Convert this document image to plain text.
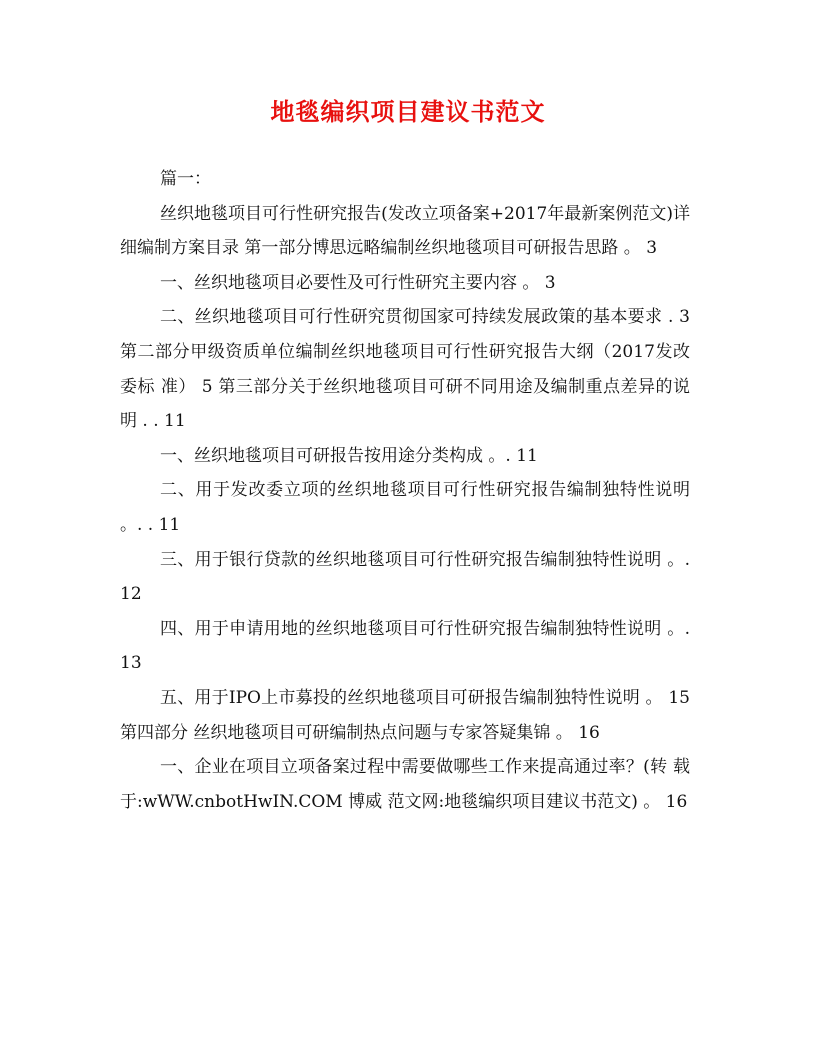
地毯编织项目建议书范文

篇一：

丝织地毯项目可行性研究报告(发改立项备案+2017年最新案例范文)详细编制方案目录 第一部分博思远略编制丝织地毯项目可研报告思路 。 3

一、丝织地毯项目必要性及可行性研究主要内容 。 3

二、丝织地毯项目可行性研究贯彻国家可持续发展政策的基本要求 . 3 第二部分甲级资质单位编制丝织地毯项目可行性研究报告大纲（2017发改委标 准） 5 第三部分关于丝织地毯项目可研不同用途及编制重点差异的说明 . . 11

一、丝织地毯项目可研报告按用途分类构成 。. 11

二、用于发改委立项的丝织地毯项目可行性研究报告编制独特性说明 。. . 11

三、用于银行贷款的丝织地毯项目可行性研究报告编制独特性说明 。. 12

四、用于申请用地的丝织地毯项目可行性研究报告编制独特性说明 。. 13

五、用于IPO上市募投的丝织地毯项目可研报告编制独特性说明 。 15 第四部分 丝织地毯项目可研编制热点问题与专家答疑集锦 。 16

一、企业在项目立项备案过程中需要做哪些工作来提高通过率？(转 载 于:wWW.cnbotHwIN.COM 博威 范文网:地毯编织项目建议书范文) 。 16
